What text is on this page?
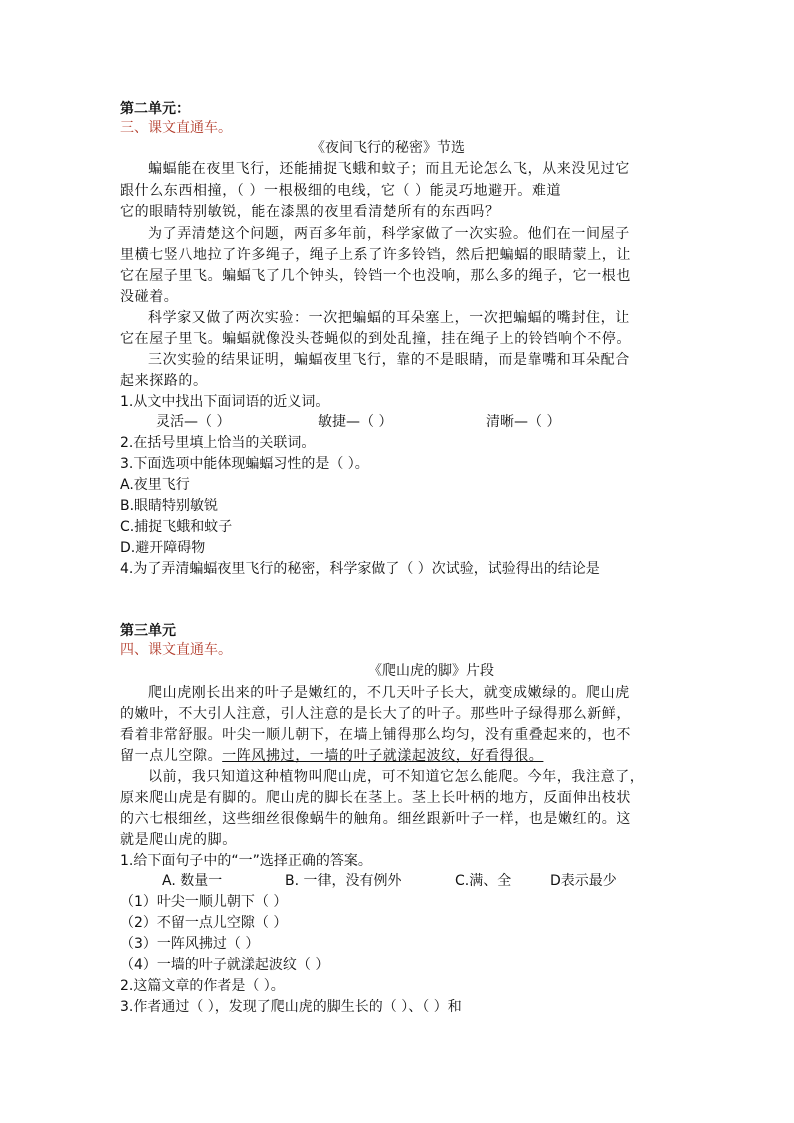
第二单元：
三、课文直通车。
《夜间飞行的秘密》节选
蝙蝠能在夜里飞行，还能捕捉飞蛾和蚊子；而且无论怎么飞，从来没见过它
跟什么东西相撞，（ ）一根极细的电线，它（ ）能灵巧地避开。难道
它的眼睛特别敏锐，能在漆黑的夜里看清楚所有的东西吗？
为了弄清楚这个问题，两百多年前，科学家做了一次实验。他们在一间屋子
里横七竖八地拉了许多绳子，绳子上系了许多铃铛，然后把蝙蝠的眼睛蒙上，让
它在屋子里飞。蝙蝠飞了几个钟头，铃铛一个也没响，那么多的绳子，它一根也
没碰着。
科学家又做了两次实验：一次把蝙蝠的耳朵塞上，一次把蝙蝠的嘴封住，让
它在屋子里飞。蝙蝠就像没头苍蝇似的到处乱撞，挂在绳子上的铃铛响个不停。
三次实验的结果证明，蝙蝠夜里飞行，靠的不是眼睛，而是靠嘴和耳朵配合
起来探路的。
1.从文中找出下面词语的近义词。
灵活—（ ）	敏捷—（ ）	清晰—（ ）
2.在括号里填上恰当的关联词。
3.下面选项中能体现蝙蝠习性的是（ ）。
A.夜里飞行
B.眼睛特别敏锐
C.捕捉飞蛾和蚊子
D.避开障碍物
4.为了弄清蝙蝠夜里飞行的秘密，科学家做了（ ）次试验，试验得出的结论是
第三单元
四、课文直通车。
《爬山虎的脚》片段
爬山虎刚长出来的叶子是嫩红的，不几天叶子长大，就变成嫩绿的。爬山虎
的嫩叶，不大引人注意，引人注意的是长大了的叶子。那些叶子绿得那么新鲜，
看着非常舒服。叶尖一顺儿朝下，在墙上铺得那么均匀，没有重叠起来的，也不
留一点儿空隙。一阵风拂过，一墙的叶子就漾起波纹，好看得很。
以前，我只知道这种植物叫爬山虎，可不知道它怎么能爬。今年，我注意了，
原来爬山虎是有脚的。爬山虎的脚长在茎上。茎上长叶柄的地方，反面伸出枝状
的六七根细丝，这些细丝很像蜗牛的触角。细丝跟新叶子一样，也是嫩红的。这
就是爬山虎的脚。
1.给下面句子中的“一”选择正确的答案。
A. 数量一	B. 一律，没有例外	C.满、全	D表示最少
（1）叶尖一顺儿朝下（ ）
（2）不留一点儿空隙（ ）
（3）一阵风拂过（ ）
（4）一墙的叶子就漾起波纹（ ）
2.这篇文章的作者是（ ）。
3.作者通过（ ），发现了爬山虎的脚生长的（ ）、（ ）和
